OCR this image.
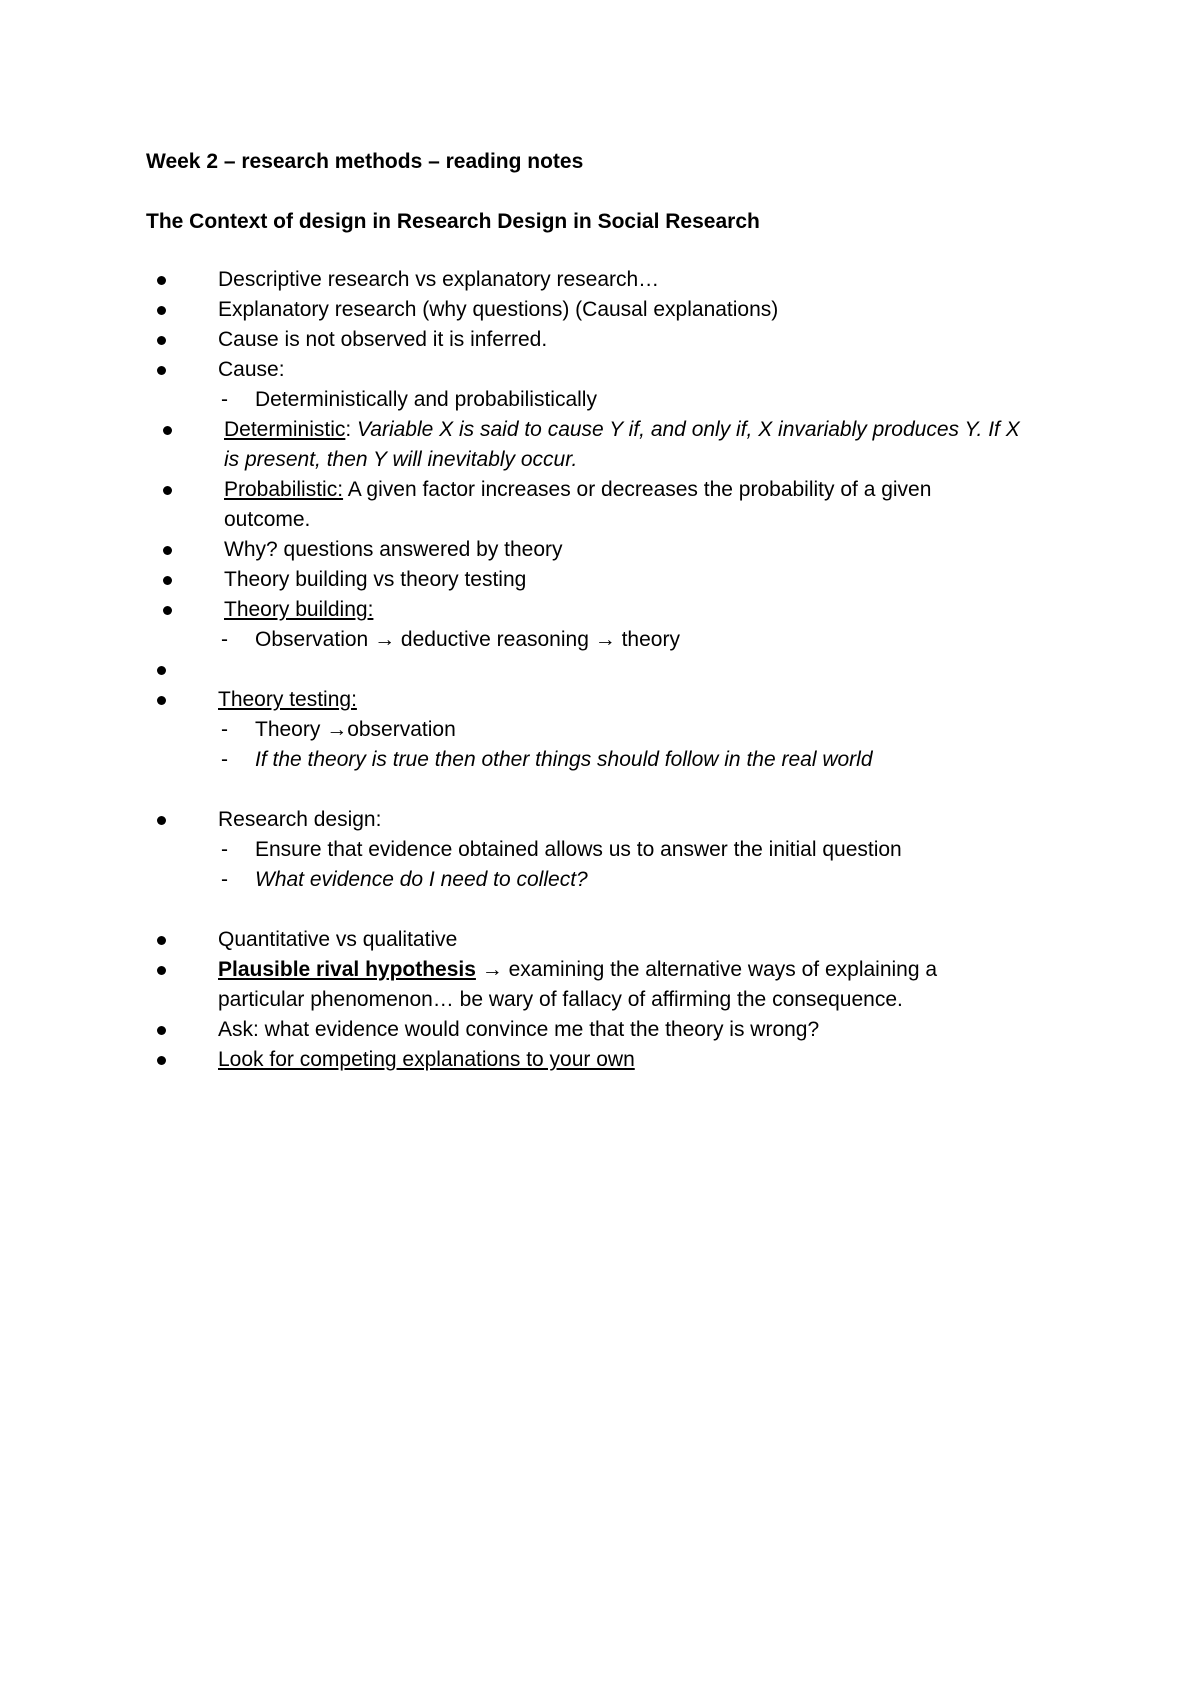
Week 2 – research methods – reading notes
The Context of design in Research Design in Social Research
Descriptive research vs explanatory research…
Explanatory research (why questions) (Causal explanations)
Cause is not observed it is inferred.
Cause:
- Deterministically and probabilistically
Deterministic: Variable X is said to cause Y if, and only if, X invariably produces Y. If X
is present, then Y will inevitably occur.
Probabilistic: A given factor increases or decreases the probability of a given
outcome.
Why? questions answered by theory
Theory building vs theory testing
Theory building:
- Observation → deductive reasoning → theory
Theory testing:
- Theory →observation
- If the theory is true then other things should follow in the real world
Research design:
- Ensure that evidence obtained allows us to answer the initial question
- What evidence do I need to collect?
Quantitative vs qualitative
Plausible rival hypothesis → examining the alternative ways of explaining a
particular phenomenon… be wary of fallacy of affirming the consequence.
Ask: what evidence would convince me that the theory is wrong?
Look for competing explanations to your own
